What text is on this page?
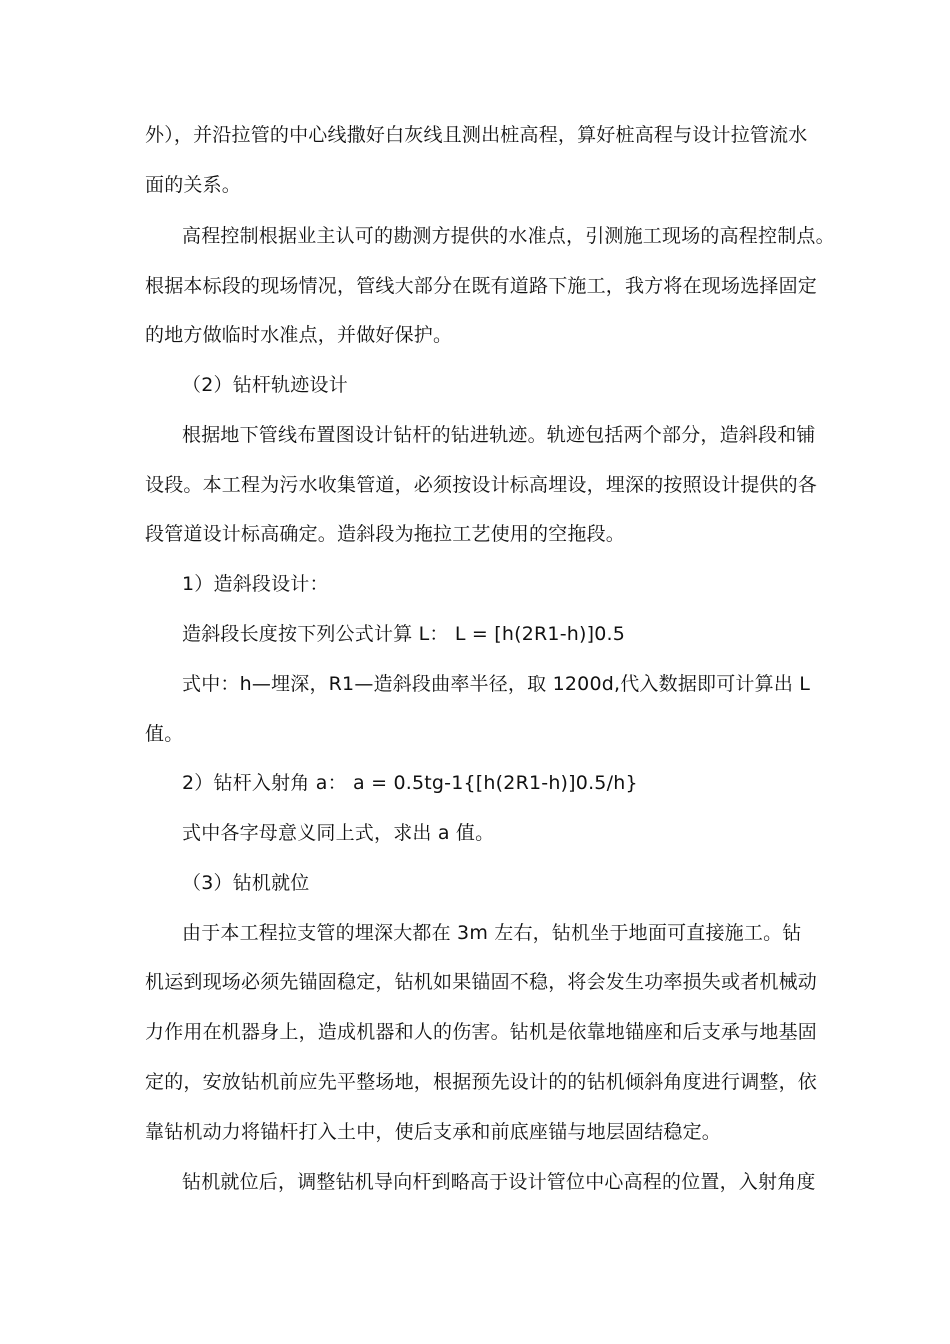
外），并沿拉管的中心线撒好白灰线且测出桩高程，算好桩高程与设计拉管流水
面的关系。
高程控制根据业主认可的勘测方提供的水准点，引测施工现场的高程控制点。
根据本标段的现场情况，管线大部分在既有道路下施工，我方将在现场选择固定
的地方做临时水准点，并做好保护。
（2）钻杆轨迹设计
根据地下管线布置图设计钻杆的钻进轨迹。轨迹包括两个部分，造斜段和铺
设段。本工程为污水收集管道，必须按设计标高埋设，埋深的按照设计提供的各
段管道设计标高确定。造斜段为拖拉工艺使用的空拖段。
1）造斜段设计：
造斜段长度按下列公式计算 L： L = [h(2R1-h)]0.5
式中：h—埋深，R1—造斜段曲率半径，取 1200d,代入数据即可计算出 L
值。
2）钻杆入射角 a： a = 0.5tg-1{[h(2R1-h)]0.5/h}
式中各字母意义同上式，求出 a 值。
（3）钻机就位
由于本工程拉支管的埋深大都在 3m 左右，钻机坐于地面可直接施工。钻
机运到现场必须先锚固稳定，钻机如果锚固不稳，将会发生功率损失或者机械动
力作用在机器身上，造成机器和人的伤害。钻机是依靠地锚座和后支承与地基固
定的，安放钻机前应先平整场地，根据预先设计的的钻机倾斜角度进行调整，依
靠钻机动力将锚杆打入土中，使后支承和前底座锚与地层固结稳定。
钻机就位后，调整钻机导向杆到略高于设计管位中心高程的位置，入射角度
